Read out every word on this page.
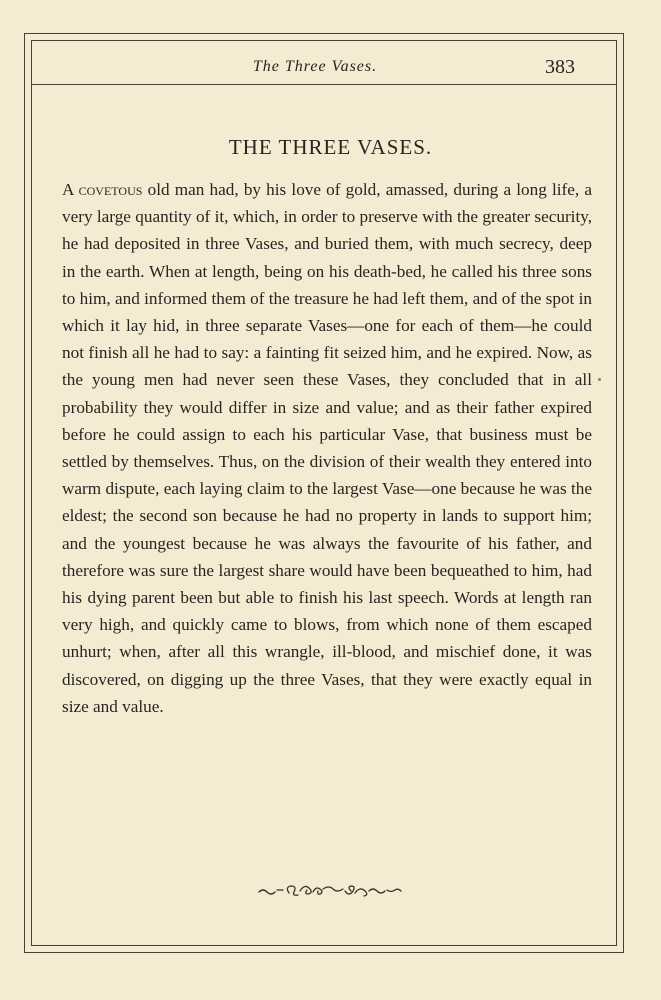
The Three Vases.	383
THE THREE VASES.
A covetous old man had, by his love of gold, amassed, during a long life, a very large quantity of it, which, in order to preserve with the greater security, he had deposited in three Vases, and buried them, with much secrecy, deep in the earth. When at length, being on his death-bed, he called his three sons to him, and informed them of the treasure he had left them, and of the spot in which it lay hid, in three separate Vases—one for each of them—he could not finish all he had to say: a fainting fit seized him, and he expired. Now, as the young men had never seen these Vases, they concluded that in all probability they would differ in size and value; and as their father expired before he could assign to each his particular Vase, that business must be settled by themselves. Thus, on the division of their wealth they entered into warm dispute, each laying claim to the largest Vase—one because he was the eldest; the second son because he had no property in lands to support him; and the youngest because he was always the favourite of his father, and therefore was sure the largest share would have been bequeathed to him, had his dying parent been but able to finish his last speech. Words at length ran very high, and quickly came to blows, from which none of them escaped unhurt; when, after all this wrangle, ill-blood, and mischief done, it was discovered, on digging up the three Vases, that they were exactly equal in size and value.
